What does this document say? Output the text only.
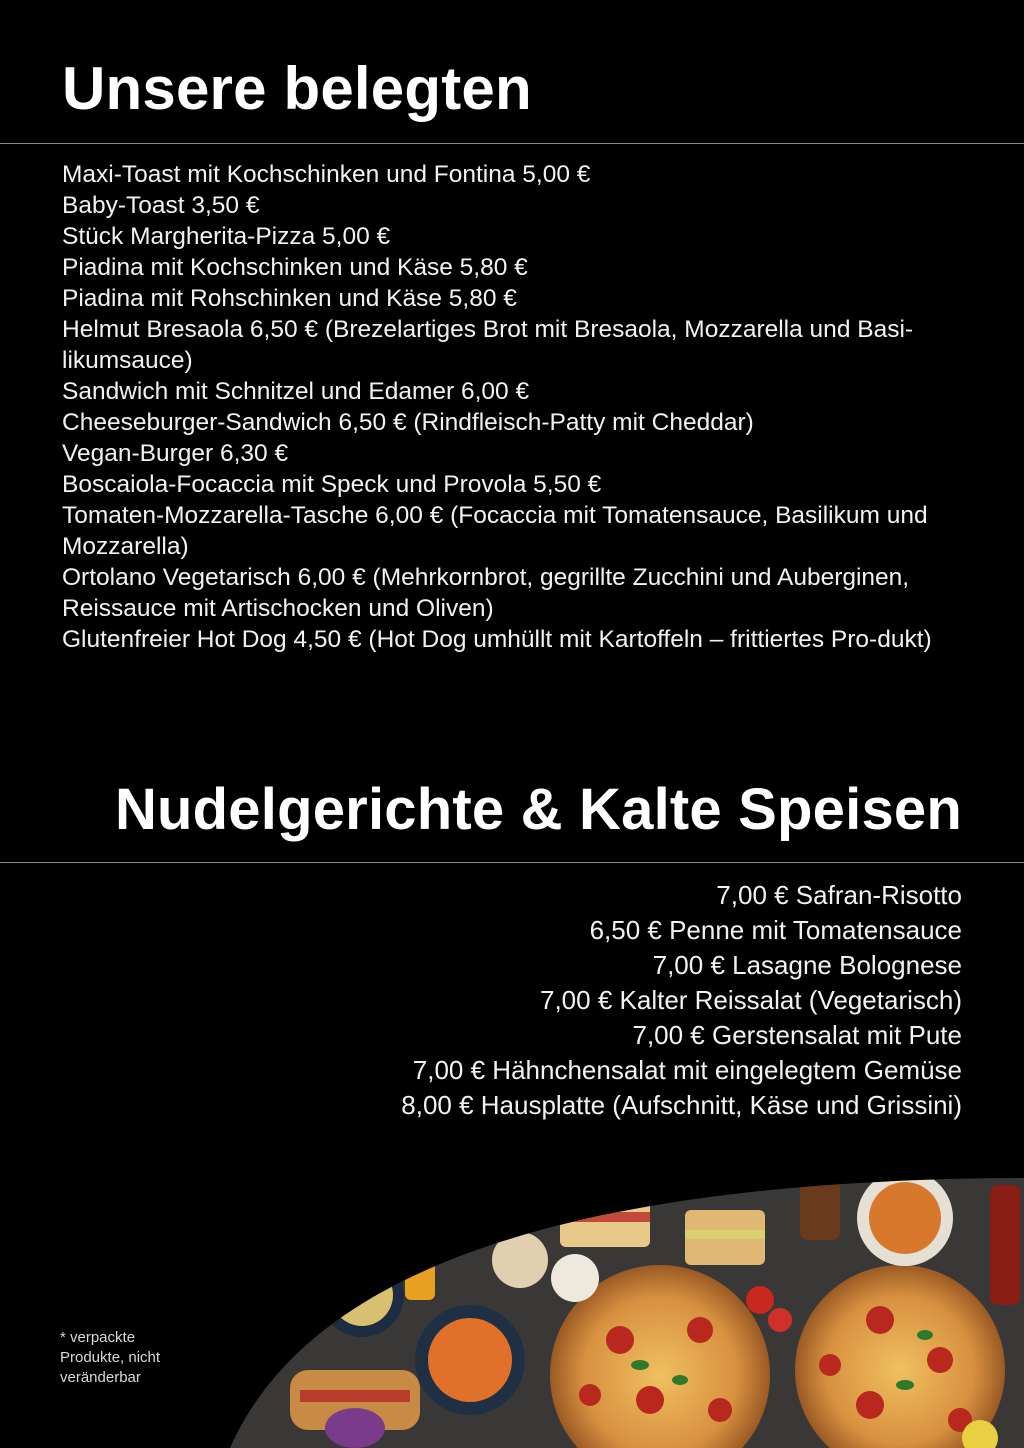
Unsere belegten
Maxi-Toast mit Kochschinken und Fontina 5,00 €
Baby-Toast 3,50 €
Stück Margherita-Pizza 5,00 €
Piadina mit Kochschinken und Käse 5,80 €
Piadina mit Rohschinken und Käse 5,80 €
Helmut Bresaola 6,50 € (Brezelartiges Brot mit Bresaola, Mozzarella und Basi-likumsauce)
Sandwich mit Schnitzel und Edamer 6,00 €
Cheeseburger-Sandwich 6,50 € (Rindfleisch-Patty mit Cheddar)
Vegan-Burger 6,30 €
Boscaiola-Focaccia mit Speck und Provola 5,50 €
Tomaten-Mozzarella-Tasche 6,00 € (Focaccia mit Tomatensauce, Basilikum und Mozzarella)
Ortolano Vegetarisch 6,00 € (Mehrkornbrot, gegrillte Zucchini und Auberginen, Reissauce mit Artischocken und Oliven)
Glutenfreier Hot Dog 4,50 € (Hot Dog umhüllt mit Kartoffeln – frittiertes Pro-dukt)
Nudelgerichte & Kalte Speisen
7,00 € Safran-Risotto
6,50 € Penne mit Tomatensauce
7,00 € Lasagne Bolognese
7,00 € Kalter Reissalat (Vegetarisch)
7,00 € Gerstensalat mit Pute
7,00 € Hähnchensalat mit eingelegtem Gemüse
8,00 € Hausplatte (Aufschnitt, Käse und Grissini)
* verpackte Produkte, nicht veränderbar
